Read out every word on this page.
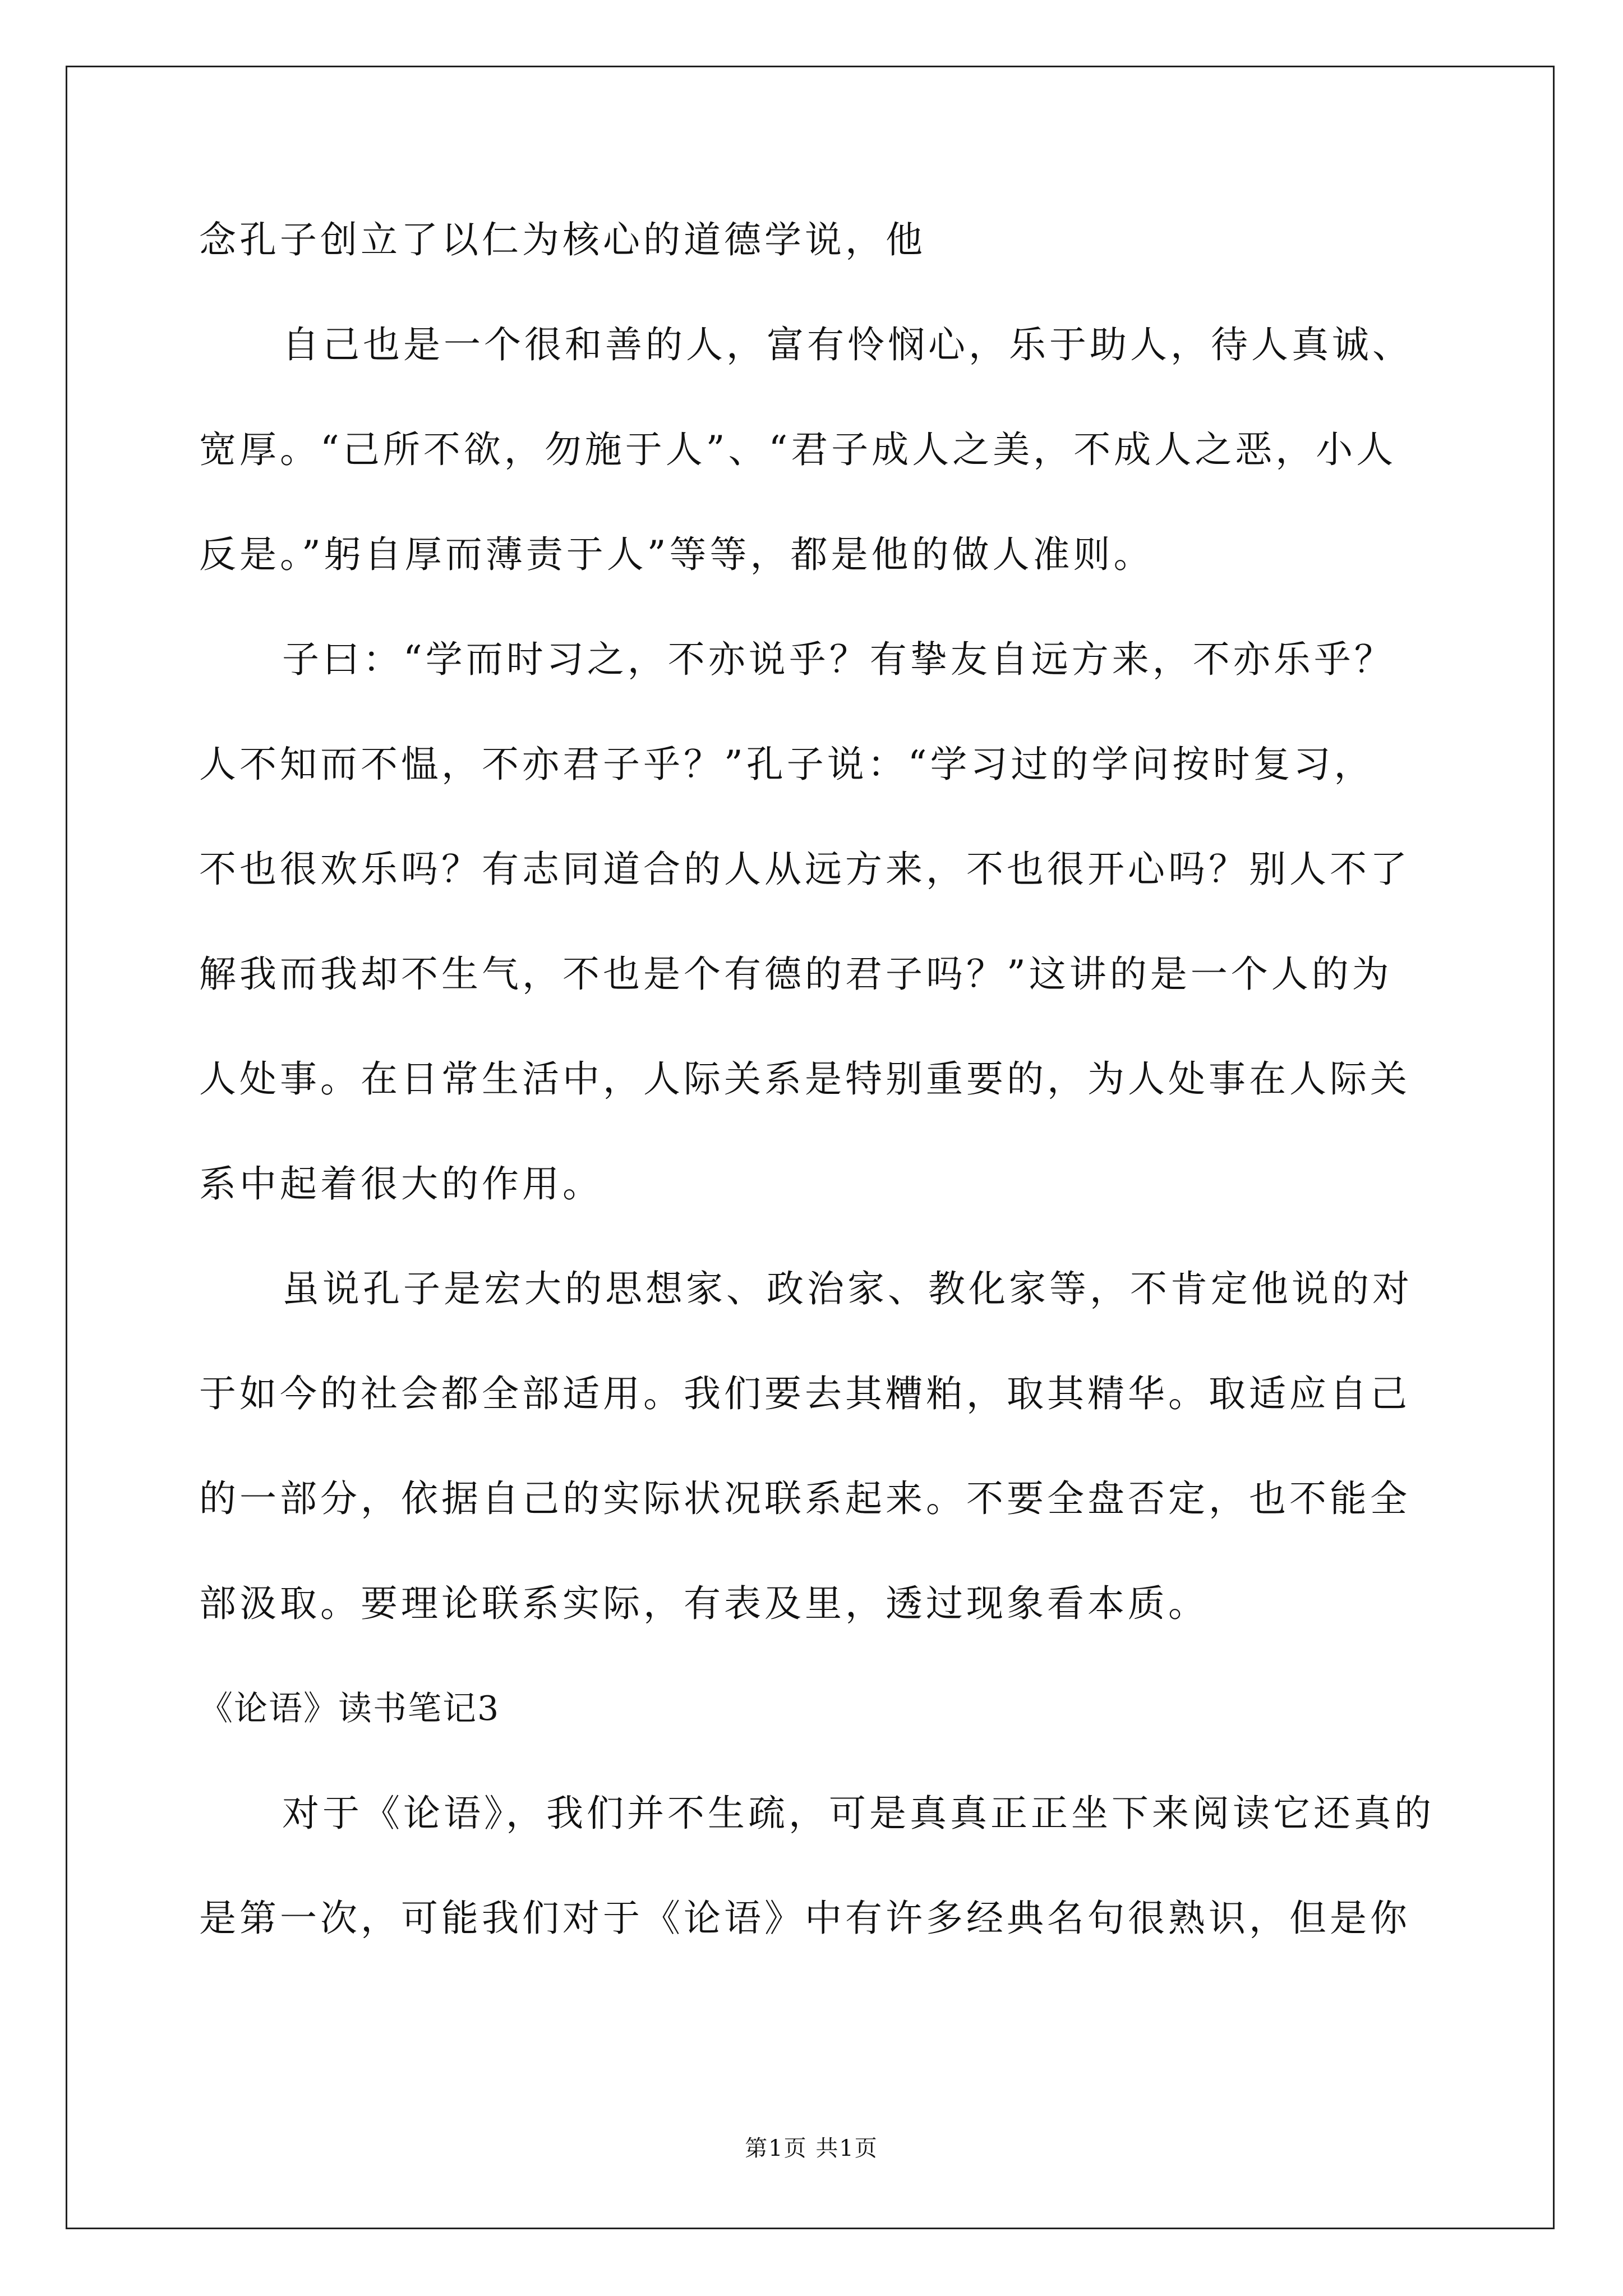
念孔子创立了以仁为核心的道德学说，他

自己也是一个很和善的人，富有怜悯心，乐于助人，待人真诚、

宽厚。“己所不欲，勿施于人”、“君子成人之美，不成人之恶，小人

反是。”躬自厚而薄责于人”等等，都是他的做人准则。

子曰：“学而时习之，不亦说乎？有挚友自远方来，不亦乐乎？

人不知而不愠，不亦君子乎？”孔子说：“学习过的学问按时复习，

不也很欢乐吗？有志同道合的人从远方来，不也很开心吗？别人不了

解我而我却不生气，不也是个有德的君子吗？”这讲的是一个人的为

人处事。在日常生活中，人际关系是特别重要的，为人处事在人际关

系中起着很大的作用。

虽说孔子是宏大的思想家、政治家、教化家等，不肯定他说的对

于如今的社会都全部适用。我们要去其糟粕，取其精华。取适应自己

的一部分，依据自己的实际状况联系起来。不要全盘否定，也不能全

部汲取。要理论联系实际，有表及里，透过现象看本质。

《论语》读书笔记3

对于《论语》，我们并不生疏，可是真真正正坐下来阅读它还真的

是第一次，可能我们对于《论语》中有许多经典名句很熟识，但是你

第1页 共1页
